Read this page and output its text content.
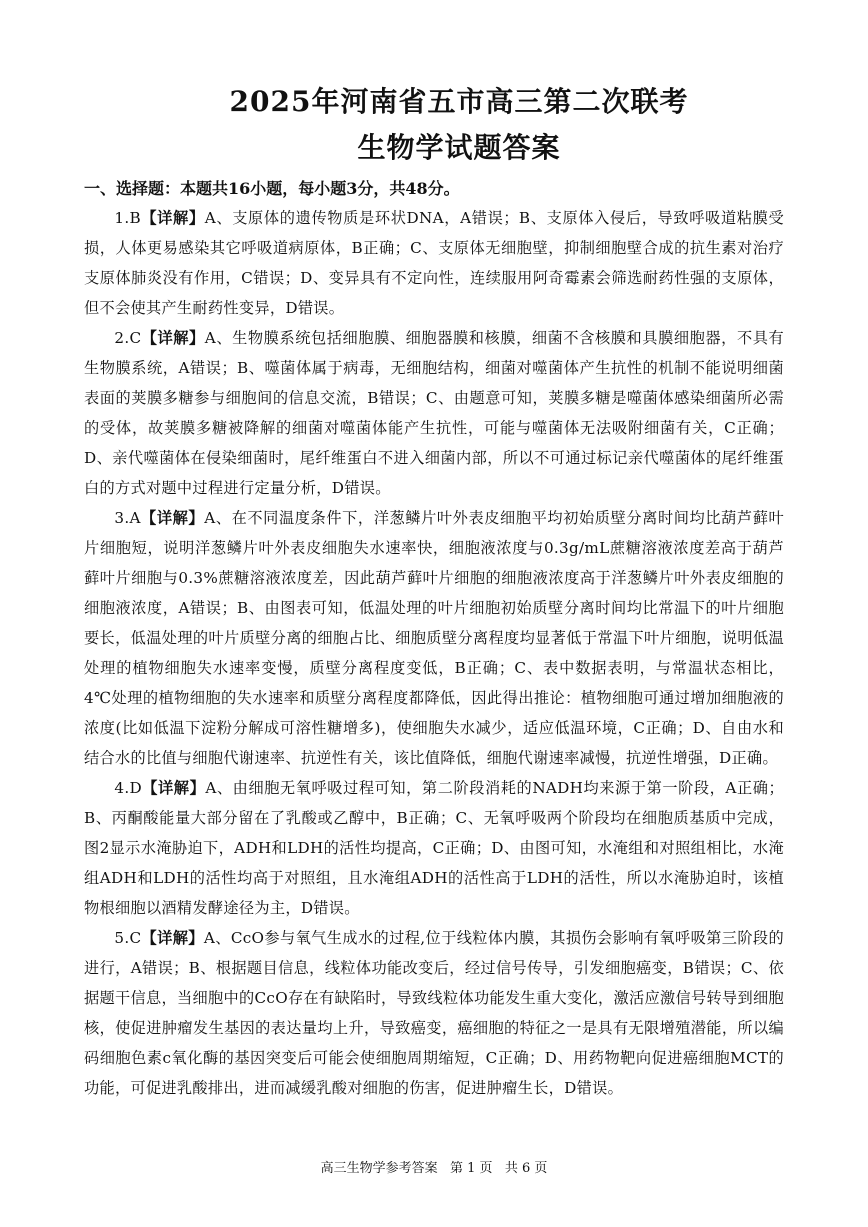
2025年河南省五市高三第二次联考
生物学试题答案
一、选择题：本题共16小题，每小题3分，共48分。

1.B【详解】A、支原体的遗传物质是环状DNA，A错误；B、支原体入侵后，导致呼吸道粘膜受损，人体更易感染其它呼吸道病原体，B正确；C、支原体无细胞壁，抑制细胞壁合成的抗生素对治疗支原体肺炎没有作用，C错误；D、变异具有不定向性，连续服用阿奇霉素会筛选耐药性强的支原体，但不会使其产生耐药性变异，D错误。

2.C【详解】A、生物膜系统包括细胞膜、细胞器膜和核膜，细菌不含核膜和具膜细胞器，不具有生物膜系统，A错误；B、噬菌体属于病毒，无细胞结构，细菌对噬菌体产生抗性的机制不能说明细菌表面的荚膜多糖参与细胞间的信息交流，B错误；C、由题意可知，荚膜多糖是噬菌体感染细菌所必需的受体，故荚膜多糖被降解的细菌对噬菌体能产生抗性，可能与噬菌体无法吸附细菌有关，C正确；D、亲代噬菌体在侵染细菌时，尾纤维蛋白不进入细菌内部，所以不可通过标记亲代噬菌体的尾纤维蛋白的方式对题中过程进行定量分析，D错误。

3.A【详解】A、在不同温度条件下，洋葱鳞片叶外表皮细胞平均初始质壁分离时间均比葫芦藓叶片细胞短，说明洋葱鳞片叶外表皮细胞失水速率快，细胞液浓度与0.3g/mL蔗糖溶液浓度差高于葫芦藓叶片细胞与0.3%蔗糖溶液浓度差，因此葫芦藓叶片细胞的细胞液浓度高于洋葱鳞片叶外表皮细胞的细胞液浓度，A错误；B、由图表可知，低温处理的叶片细胞初始质壁分离时间均比常温下的叶片细胞要长，低温处理的叶片质壁分离的细胞占比、细胞质壁分离程度均显著低于常温下叶片细胞，说明低温处理的植物细胞失水速率变慢，质壁分离程度变低，B正确；C、表中数据表明，与常温状态相比，4℃处理的植物细胞的失水速率和质壁分离程度都降低，因此得出推论：植物细胞可通过增加细胞液的浓度(比如低温下淀粉分解成可溶性糖增多)，使细胞失水减少，适应低温环境，C正确；D、自由水和结合水的比值与细胞代谢速率、抗逆性有关，该比值降低，细胞代谢速率减慢，抗逆性增强，D正确。

4.D【详解】A、由细胞无氧呼吸过程可知，第二阶段消耗的NADH均来源于第一阶段，A正确；B、丙酮酸能量大部分留在了乳酸或乙醇中，B正确；C、无氧呼吸两个阶段均在细胞质基质中完成，图2显示水淹胁迫下，ADH和LDH的活性均提高，C正确；D、由图可知，水淹组和对照组相比，水淹组ADH和LDH的活性均高于对照组，且水淹组ADH的活性高于LDH的活性，所以水淹胁迫时，该植物根细胞以酒精发酵途径为主，D错误。

5.C【详解】A、CcO参与氧气生成水的过程,位于线粒体内膜，其损伤会影响有氧呼吸第三阶段的进行，A错误；B、根据题目信息，线粒体功能改变后，经过信号传导，引发细胞癌变，B错误；C、依据题干信息，当细胞中的CcO存在有缺陷时，导致线粒体功能发生重大变化，激活应激信号转导到细胞核，使促进肿瘤发生基因的表达量均上升，导致癌变，癌细胞的特征之一是具有无限增殖潜能，所以编码细胞色素c氧化酶的基因突变后可能会使细胞周期缩短，C正确；D、用药物靶向促进癌细胞MCT的功能，可促进乳酸排出，进而减缓乳酸对细胞的伤害，促进肿瘤生长，D错误。

高三生物学参考答案   第 1 页   共 6 页
